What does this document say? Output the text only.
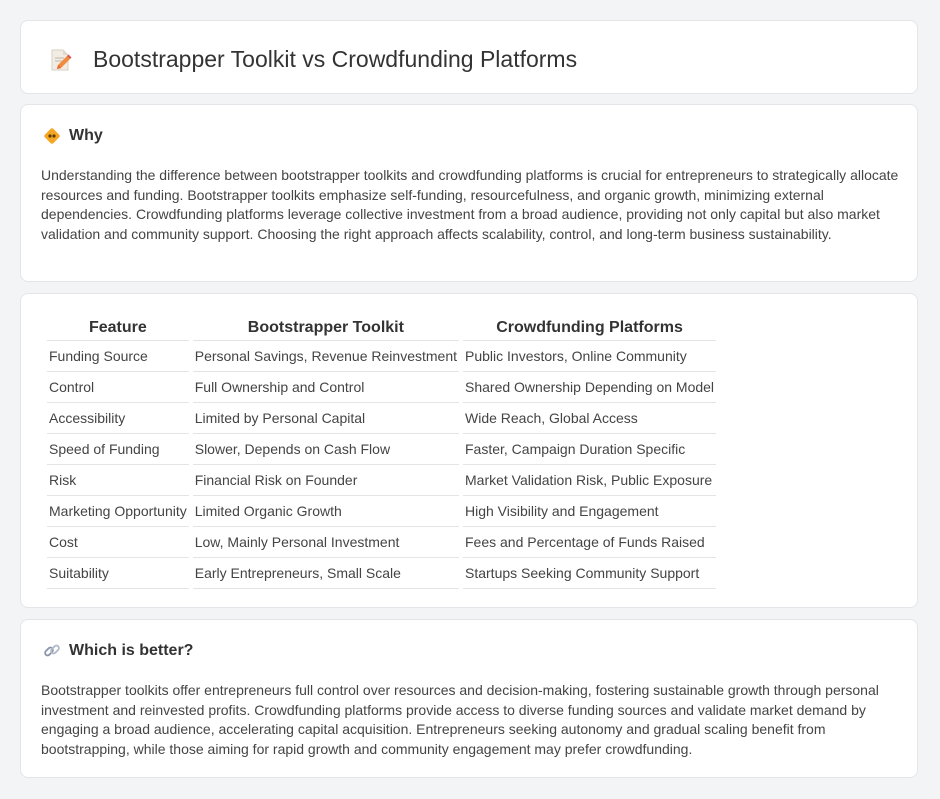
Bootstrapper Toolkit vs Crowdfunding Platforms
Why

Understanding the difference between bootstrapper toolkits and crowdfunding platforms is crucial for entrepreneurs to strategically allocate resources and funding. Bootstrapper toolkits emphasize self-funding, resourcefulness, and organic growth, minimizing external dependencies. Crowdfunding platforms leverage collective investment from a broad audience, providing not only capital but also market validation and community support. Choosing the right approach affects scalability, control, and long-term business sustainability.

Feature	Bootstrapper Toolkit	Crowdfunding Platforms
Funding Source	Personal Savings, Revenue Reinvestment	Public Investors, Online Community
Control	Full Ownership and Control	Shared Ownership Depending on Model
Accessibility	Limited by Personal Capital	Wide Reach, Global Access
Speed of Funding	Slower, Depends on Cash Flow	Faster, Campaign Duration Specific
Risk	Financial Risk on Founder	Market Validation Risk, Public Exposure
Marketing Opportunity	Limited Organic Growth	High Visibility and Engagement
Cost	Low, Mainly Personal Investment	Fees and Percentage of Funds Raised
Suitability	Early Entrepreneurs, Small Scale	Startups Seeking Community Support
Which is better?

Bootstrapper toolkits offer entrepreneurs full control over resources and decision-making, fostering sustainable growth through personal investment and reinvested profits. Crowdfunding platforms provide access to diverse funding sources and validate market demand by engaging a broad audience, accelerating capital acquisition. Entrepreneurs seeking autonomy and gradual scaling benefit from bootstrapping, while those aiming for rapid growth and community engagement may prefer crowdfunding.
